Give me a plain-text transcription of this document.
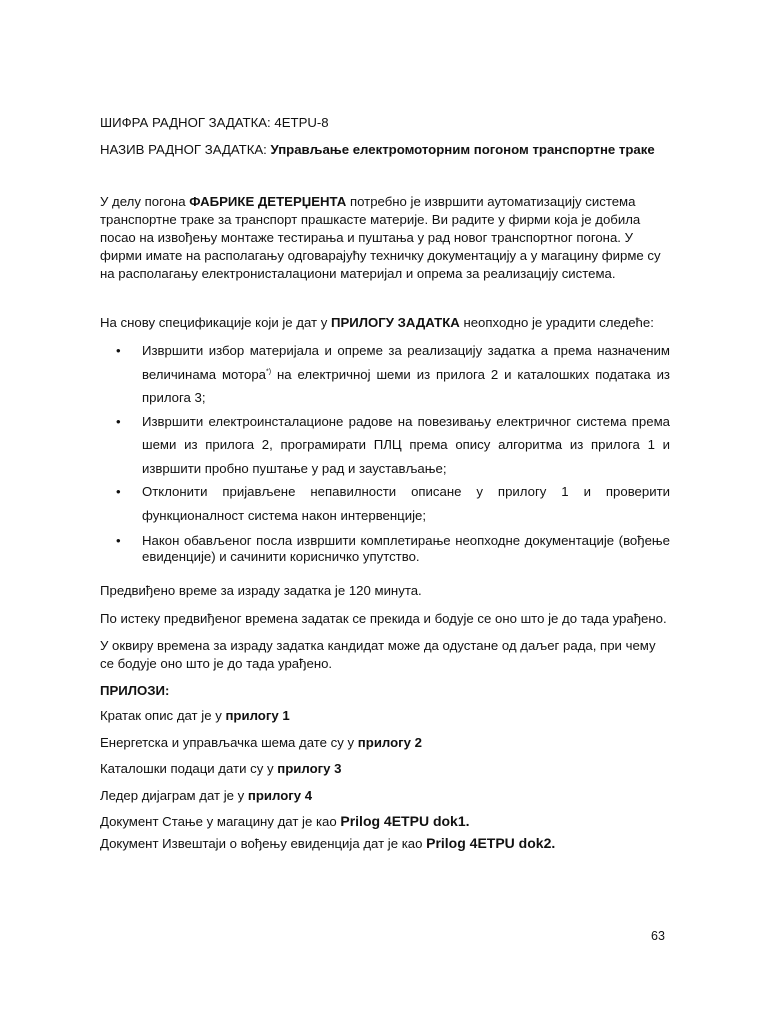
ШИФРА РАДНОГ ЗАДАТКА: 4ETPU-8

НАЗИВ РАДНОГ ЗАДАТКА: Управљање електромоторним погоном транспортне траке

У делу погона ФАБРИКЕ ДЕТЕРЏЕНТА потребно је извршити аутоматизацију система транспортне траке за транспорт прашкасте материје. Ви радите у фирми која је добила посао на извођењу монтаже тестирања и пуштања у рад новог транспортног погона. У фирми имате на располагању одговарајућу техничку документацију а у магацину фирме су на располагању електронисталациони материјал и опрема за реализацију система.

На снову спецификације који је дат у ПРИЛОГУ ЗАДАТКА неопходно је урадити следеће:

• Извршити избор материјала и опреме за реализацију задатка а према назначеним величинама мотора*) на електричној шеми из прилога 2 и каталошких података из прилога 3;
• Извршити електроинсталационе радове на повезивању електричног система према шеми из прилога 2, програмирати ПЛЦ према опису алгоритма из прилога 1 и извршити пробно пуштање у рад и заустављање;
• Отклонити пријављене непавилности описане у прилогу 1 и проверити функционалност система након интервенције;
• Након обављеног посла извршити комплетирање неопходне документације (вођење евиденције) и сачинити корисничко упутство.

Предвиђено време за израду задатка је 120 минута.

По истеку предвиђеног времена задатак се прекида и бодује се оно што је до тада урађено.

У оквиру времена за израду задатка кандидат може да одустане од даљег рада, при чему се бодује оно што је до тада урађено.

ПРИЛОЗИ:

Кратак опис дат је у прилогу 1

Енергетска и управљачка шема дате су у прилогу 2

Каталошки подаци дати су у прилогу 3

Ледер дијаграм дат је у прилогу 4

Документ Стање у магацину дат је као Prilog 4ETPU dok1.

Документ Извештаји о вођењу евиденција дат је као Prilog 4ETPU dok2.

63
